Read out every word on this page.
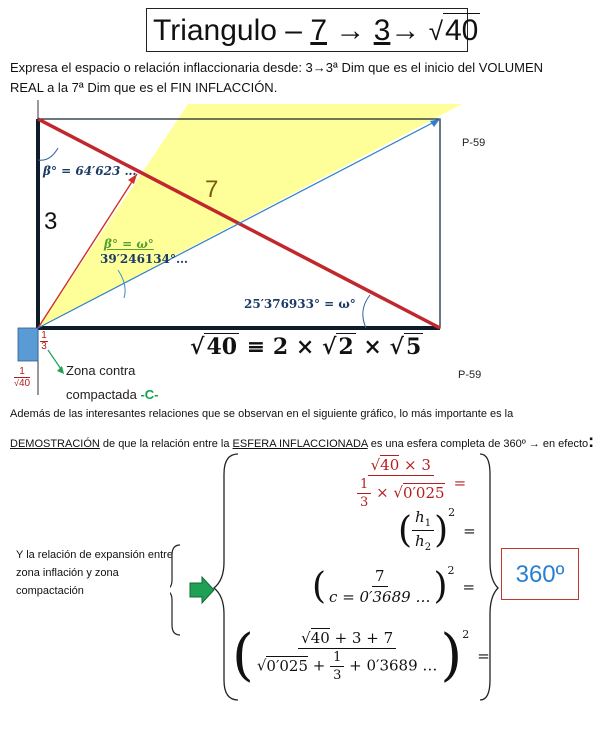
Triangulo – 7 → 3→ √40
Expresa el espacio o relación inflaccionaria desde: 3→3ª Dim que es el inicio del VOLUMEN
REAL a la 7ª Dim que es el FIN INFLACCIÓN.
P-59
P-59
7
3
β° = 64′623 …
β° = ω°
39′246134°…
25′376933° = ω°
$\frac{1}{3}$
1
√40
Zona contra
compactada -C-
√40 ≡ 2 × √2 × √5
Además de las interesantes relaciones que se observan en el siguiente gráfico, lo más importante es la
DEMOSTRACIÓN de que la relación entre la ESFERA INFLACCIONADA es una esfera completa de 360º → en efecto:
Y la relación de expansión entre zona inflación y zona compactación
$\frac{√40 \times 3}{\frac{1}{3} \times √0'025}$ =
( $\frac{h_1}{h_2} )^2$
=
( $\frac{7}{c = 0'3689 \dots} )^2$
=
( $\frac{√40 + 3 + 7}{√0'025 + \frac{1}{3} + 0'3689 \dots} )^2$
=
360º
